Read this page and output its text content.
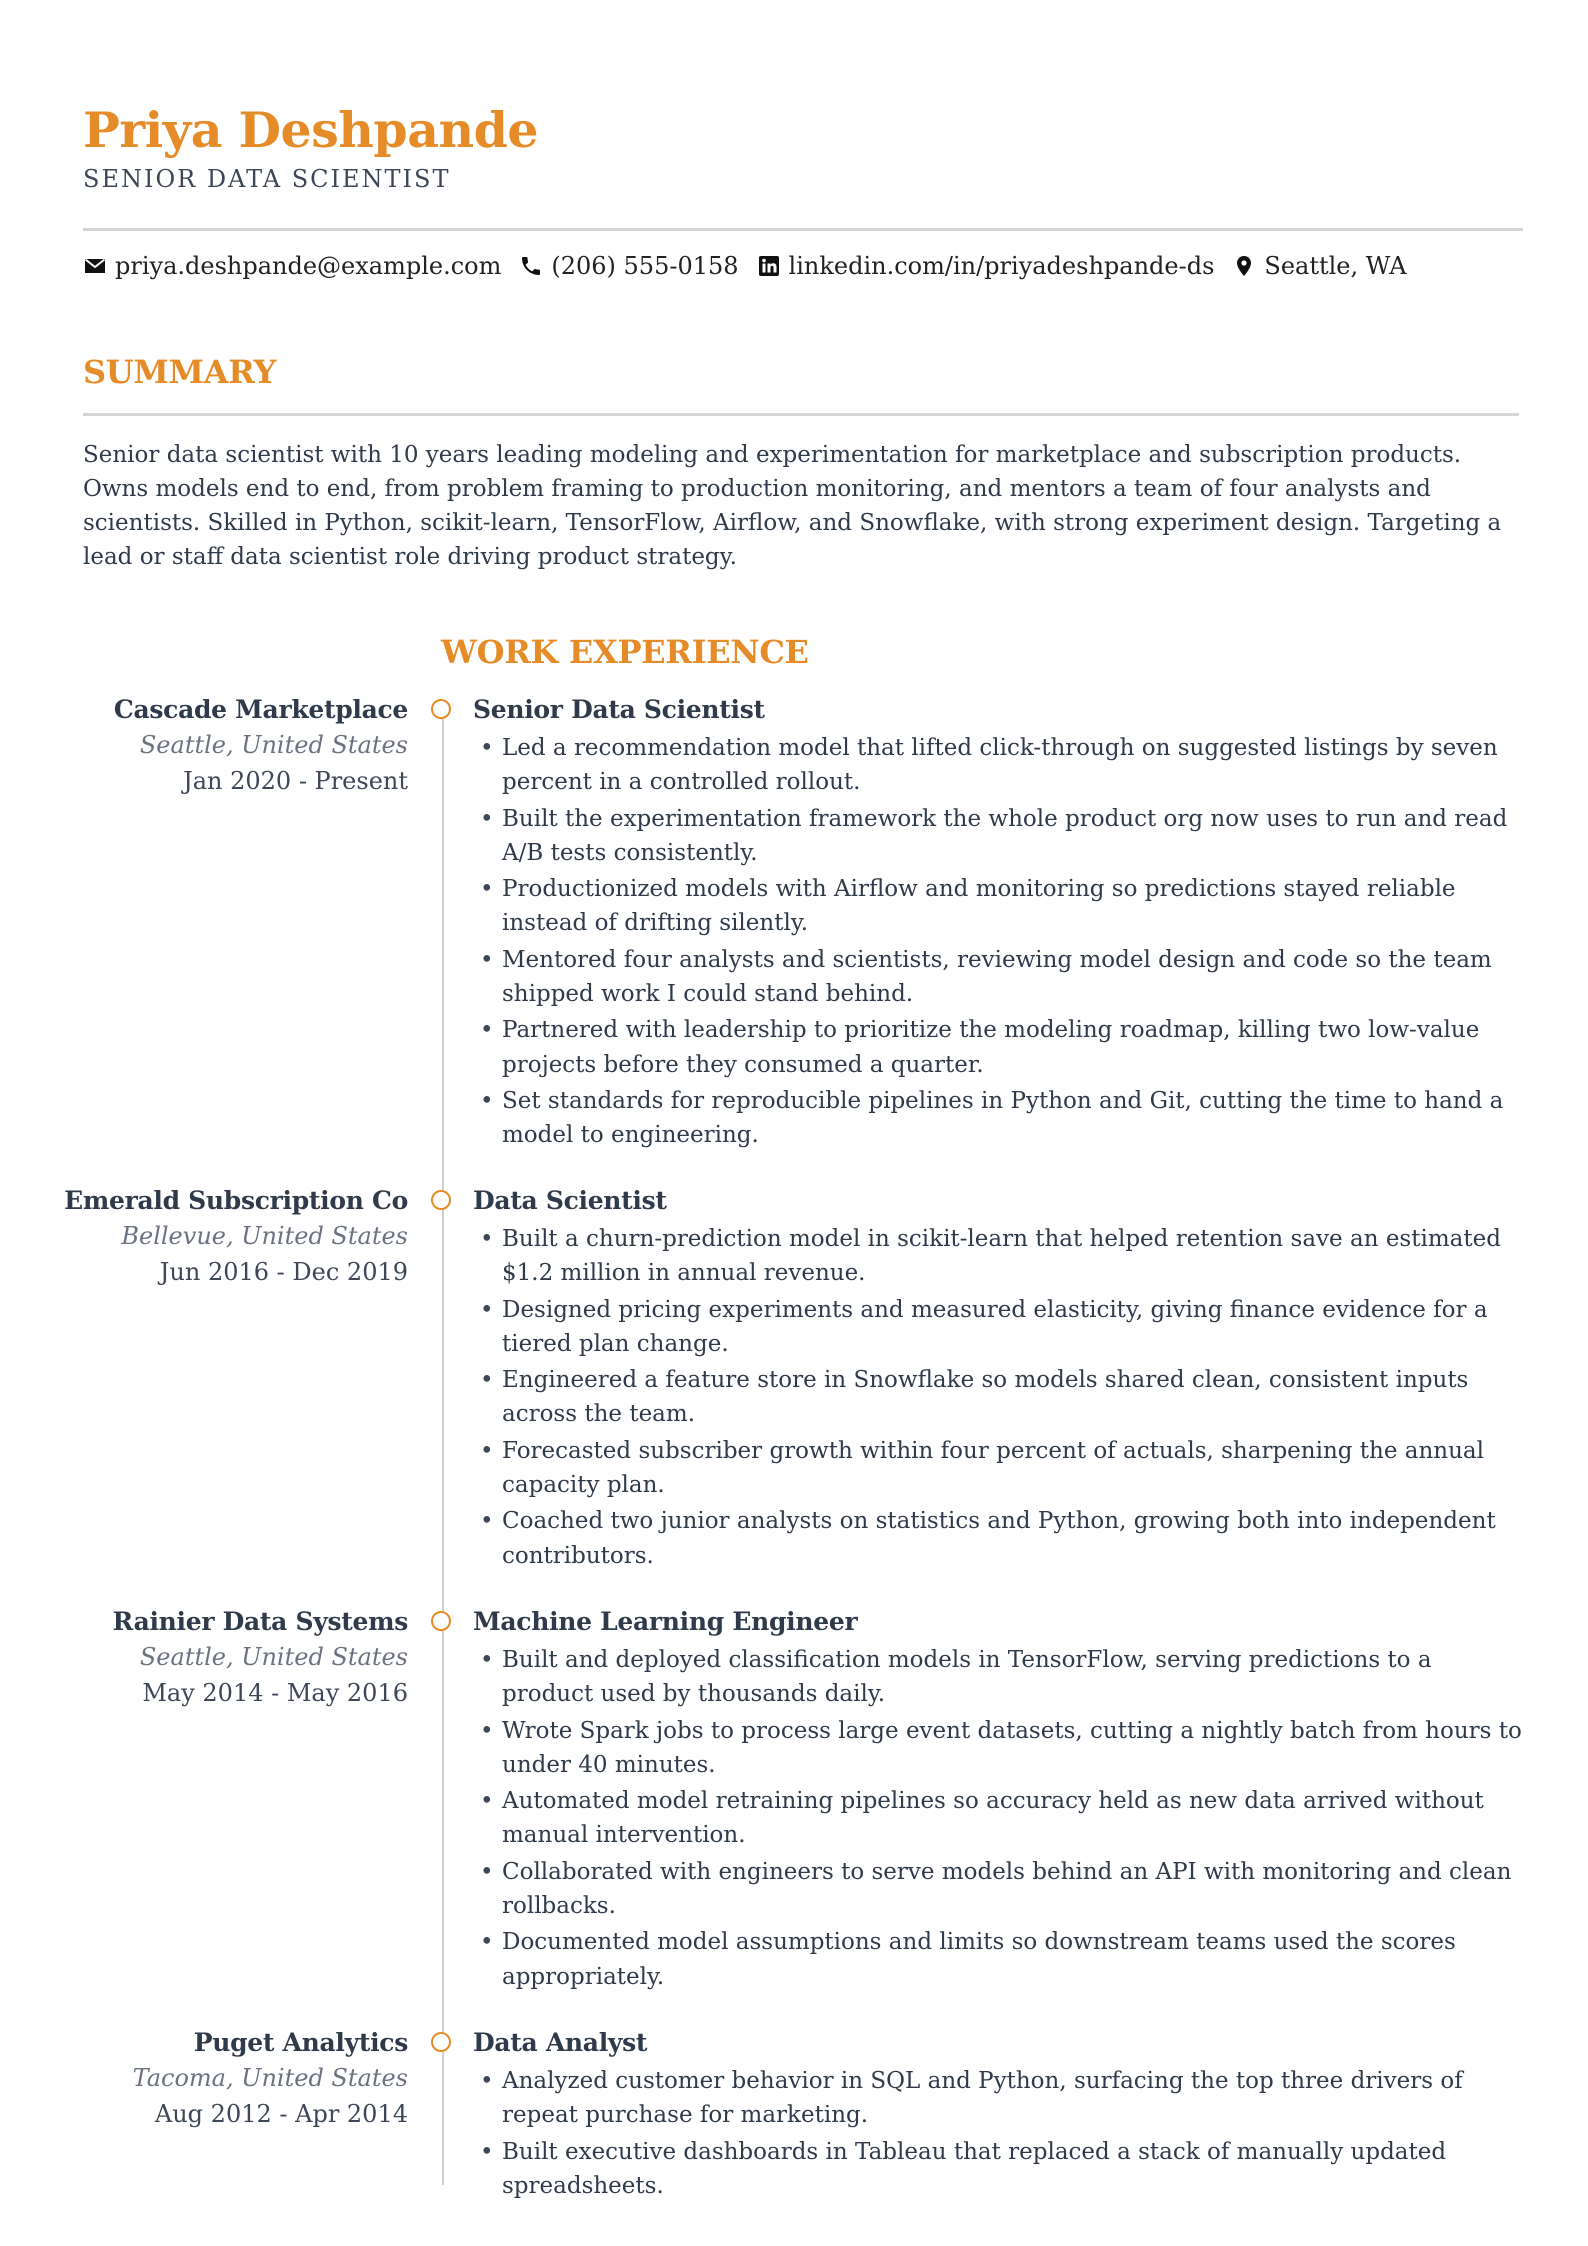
Priya Deshpande
SENIOR DATA SCIENTIST
priya.deshpande@example.com (206) 555-0158 linkedin.com/in/priyadeshpande-ds Seattle, WA
SUMMARY
Senior data scientist with 10 years leading modeling and experimentation for marketplace and subscription products. Owns models end to end, from problem framing to production monitoring, and mentors a team of four analysts and scientists. Skilled in Python, scikit-learn, TensorFlow, Airflow, and Snowflake, with strong experiment design. Targeting a lead or staff data scientist role driving product strategy.
WORK EXPERIENCE
Cascade Marketplace
Seattle, United States
Jan 2020 - Present
Senior Data Scientist
• Led a recommendation model that lifted click-through on suggested listings by seven percent in a controlled rollout.
• Built the experimentation framework the whole product org now uses to run and read A/B tests consistently.
• Productionized models with Airflow and monitoring so predictions stayed reliable instead of drifting silently.
• Mentored four analysts and scientists, reviewing model design and code so the team shipped work I could stand behind.
• Partnered with leadership to prioritize the modeling roadmap, killing two low-value projects before they consumed a quarter.
• Set standards for reproducible pipelines in Python and Git, cutting the time to hand a model to engineering.
Emerald Subscription Co
Bellevue, United States
Jun 2016 - Dec 2019
Data Scientist
• Built a churn-prediction model in scikit-learn that helped retention save an estimated $1.2 million in annual revenue.
• Designed pricing experiments and measured elasticity, giving finance evidence for a tiered plan change.
• Engineered a feature store in Snowflake so models shared clean, consistent inputs across the team.
• Forecasted subscriber growth within four percent of actuals, sharpening the annual capacity plan.
• Coached two junior analysts on statistics and Python, growing both into independent contributors.
Rainier Data Systems
Seattle, United States
May 2014 - May 2016
Machine Learning Engineer
• Built and deployed classification models in TensorFlow, serving predictions to a product used by thousands daily.
• Wrote Spark jobs to process large event datasets, cutting a nightly batch from hours to under 40 minutes.
• Automated model retraining pipelines so accuracy held as new data arrived without manual intervention.
• Collaborated with engineers to serve models behind an API with monitoring and clean rollbacks.
• Documented model assumptions and limits so downstream teams used the scores appropriately.
Puget Analytics
Tacoma, United States
Aug 2012 - Apr 2014
Data Analyst
• Analyzed customer behavior in SQL and Python, surfacing the top three drivers of repeat purchase for marketing.
• Built executive dashboards in Tableau that replaced a stack of manually updated spreadsheets.
